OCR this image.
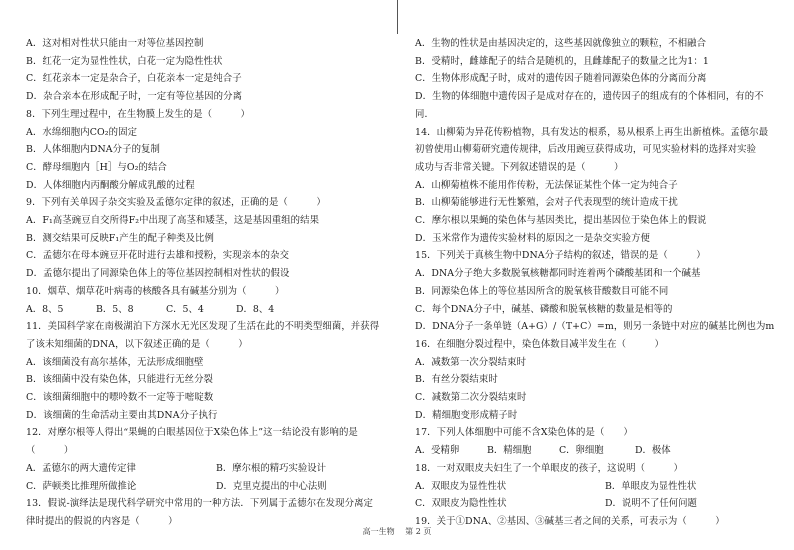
A．这对相对性状只能由一对等位基因控制
B．红花一定为显性性状，白花一定为隐性性状
C．红花亲本一定是杂合子，白花亲本一定是纯合子
D．杂合亲本在形成配子时，一定有等位基因的分离
8．下列生理过程中，在生物膜上发生的是（　　　）
A．水绵细胞内CO₂的固定
B．人体细胞内DNA分子的复制
C．酵母细胞内［H］与O₂的结合
D．人体细胞内丙酮酸分解成乳酸的过程
9．下列有关单因子杂交实验及孟德尔定律的叙述，正确的是（　　　）
A．F₁高茎豌豆自交所得F₂中出现了高茎和矮茎，这是基因重组的结果
B．测交结果可反映F₁产生的配子种类及比例
C．孟德尔在母本豌豆开花时进行去雄和授粉，实现亲本的杂交
D．孟德尔提出了同源染色体上的等位基因控制相对性状的假设
10．烟草、烟草花叶病毒的核酸各具有碱基分别为（　　　）
11．美国科学家在南极湖泊下方深水无光区发现了生活在此的不明类型细菌，并获得
了该未知细菌的DNA，以下叙述正确的是（　　　）
A．该细菌没有高尔基体，无法形成细胞壁
B．该细菌中没有染色体，只能进行无丝分裂
C．该细菌细胞中的嘌呤数不一定等于嘧啶数
D．该细菌的生命活动主要由其DNA分子执行
12．对摩尔根等人得出“果蝇的白眼基因位于X染色体上”这一结论没有影响的是
（　　　）
13．假说-演绎法是现代科学研究中常用的一种方法．下列属于孟德尔在发现分离定
律时提出的假说的内容是（　　　）
A．8、5	B．5、8	C．5、4	D．8、4
A．孟德尔的两大遗传定律	B．摩尔根的精巧实验设计
C．萨顿类比推理所做推论	D．克里克提出的中心法则
A．生物的性状是由基因决定的，这些基因就像独立的颗粒，不相融合
B．受精时，雌雄配子的结合是随机的，且雌雄配子的数量之比为1：1
C．生物体形成配子时，成对的遗传因子随着同源染色体的分离而分离
D．生物的体细胞中遗传因子是成对存在的，遗传因子的组成有的个体相同，有的不
同．
14．山柳菊为异花传粉植物，具有发达的根系，易从根系上再生出新植株。孟德尔最
初曾使用山柳菊研究遗传规律，后改用豌豆获得成功，可见实验材料的选择对实验
成功与否非常关键。下列叙述错误的是（　　　）
A．山柳菊植株不能用作传粉，无法保证某性个体一定为纯合子
B．山柳菊能够进行无性繁殖，会对子代表现型的统计造成干扰
C．摩尔根以果蝇的染色体与基因类比，提出基因位于染色体上的假说
D．玉米常作为遗传实验材料的原因之一是杂交实验方便
15．下列关于真核生物中DNA分子结构的叙述，错误的是（　　　）
A．DNA分子绝大多数脱氧核糖都同时连着两个磷酸基团和一个碱基
B．同源染色体上的等位基因所含的脱氧核苷酸数目可能不同
C．每个DNA分子中，碱基、磷酸和脱氧核糖的数量是相等的
D．DNA分子一条单链（A+G）/（T+C）=m，则另一条链中对应的碱基比例也为m
16．在细胞分裂过程中，染色体数目减半发生在（　　　）
A．减数第一次分裂结束时
B．有丝分裂结束时
C．减数第二次分裂结束时
D．精细胞变形成精子时
17．下列人体细胞中可能不含X染色体的是（　　）
18．一对双眼皮夫妇生了一个单眼皮的孩子，这说明（　　　）
19．关于①DNA、②基因、③碱基三者之间的关系，可表示为（　　　）
A．受精卵	B．精细胞	C．卵细胞	D．极体
A．双眼皮为显性性状	B．单眼皮为显性性状
C．双眼皮为隐性性状	D．说明不了任何问题
高一生物 第 2 页
